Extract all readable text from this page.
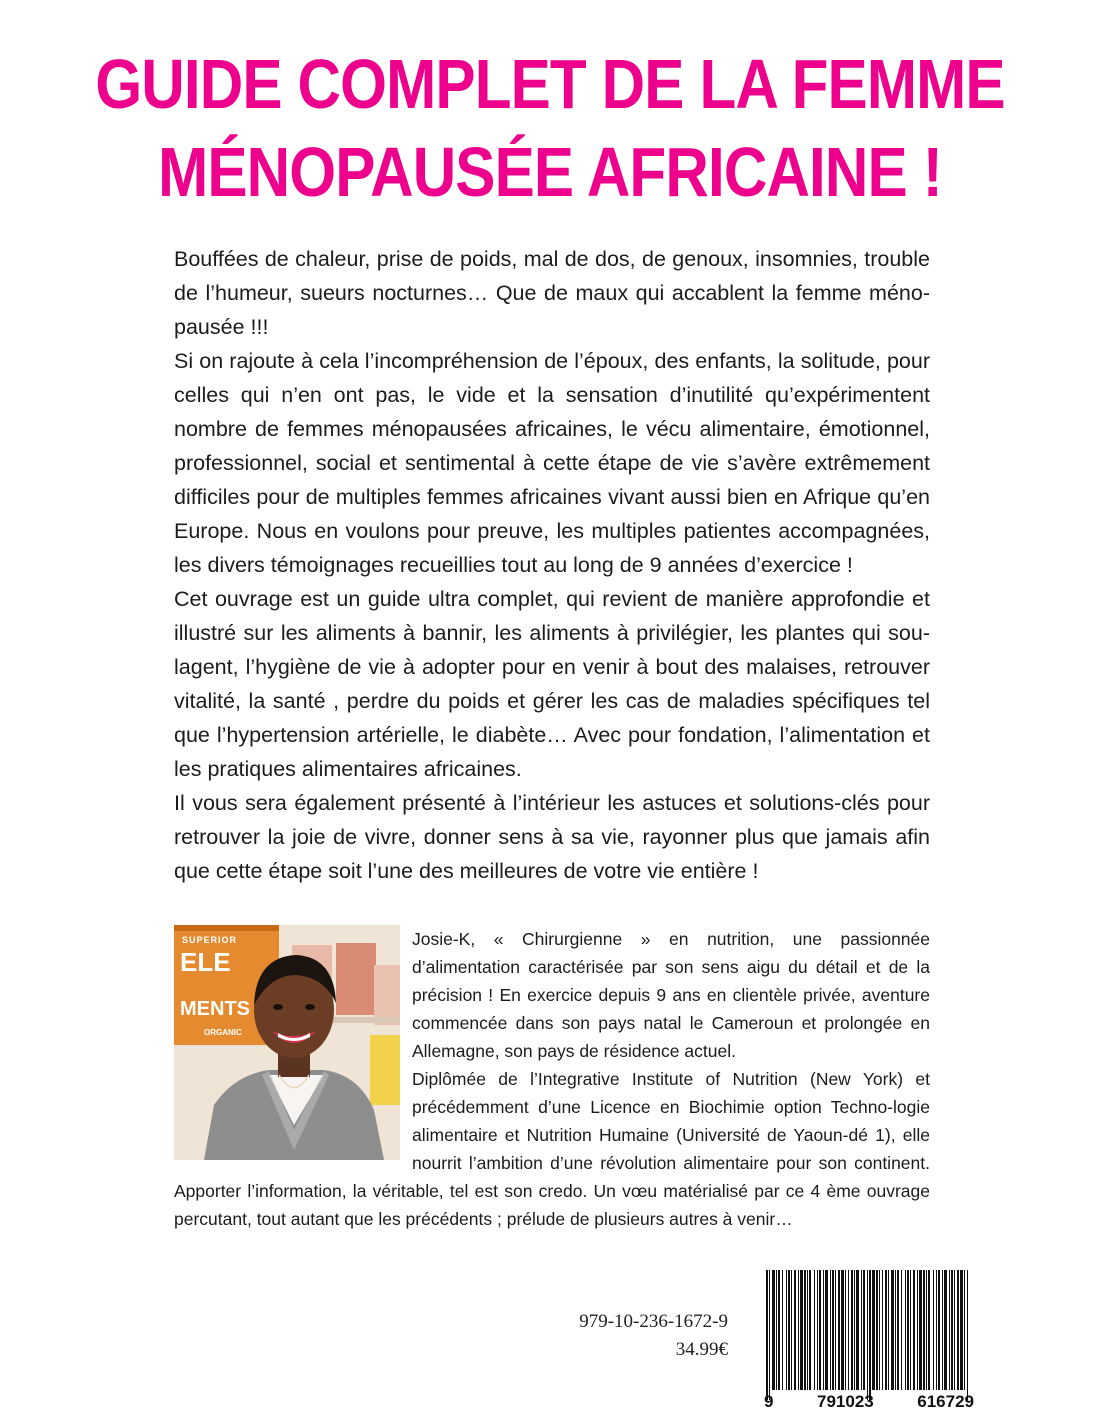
GUIDE COMPLET DE LA FEMME
MÉNOPAUSÉE AFRICAINE !

Bouffées de chaleur, prise de poids, mal de dos, de genoux, insomnies, trouble de l’humeur, sueurs nocturnes… Que de maux qui accablent la femme méno-pausée !!!

Si on rajoute à cela l’incompréhension de l’époux, des enfants, la solitude, pour celles qui n’en ont pas, le vide et la sensation d’inutilité qu’expérimentent nombre de femmes ménopausées africaines, le vécu alimentaire, émotionnel, professionnel, social et sentimental à cette étape de vie s’avère extrêmement difficiles pour de multiples femmes africaines vivant aussi bien en Afrique qu’en Europe. Nous en voulons pour preuve, les multiples patientes accompagnées, les divers témoignages recueillies tout au long de 9 années d’exercice !

Cet ouvrage est un guide ultra complet, qui revient de manière approfondie et illustré sur les aliments à bannir, les aliments à privilégier, les plantes qui sou-lagent, l’hygiène de vie à adopter pour en venir à bout des malaises, retrouver vitalité, la santé , perdre du poids et gérer les cas de maladies spécifiques tel que l’hypertension artérielle, le diabète… Avec pour fondation, l’alimentation et les pratiques alimentaires africaines.

Il vous sera également présenté à l’intérieur les astuces et solutions-clés pour retrouver la joie de vivre, donner sens à sa vie, rayonner plus que jamais afin que cette étape soit l’une des meilleures de votre vie entière !

SUPERIOR
ELE
MENTS
ORGANIC
Josie-K, « Chirurgienne » en nutrition, une passionnée d’alimentation caractérisée par son sens aigu du détail et de la précision ! En exercice depuis 9 ans en clientèle privée, aventure commencée dans son pays natal le Cameroun et prolongée en Allemagne, son pays de résidence actuel.
Diplômée de l’Integrative Institute of Nutrition (New York) et précédemment d’une Licence en Biochimie option Techno-logie alimentaire et Nutrition Humaine (Université de Yaoun-dé 1), elle nourrit l’ambition d’une révolution alimentaire pour son continent. Apporter l’information, la véritable, tel est son credo. Un vœu matérialisé par ce 4 ème ouvrage percutant, tout autant que les précédents ; prélude de plusieurs autres à venir…
979-10-236-1672-9
34.99€
9	791023	616729
